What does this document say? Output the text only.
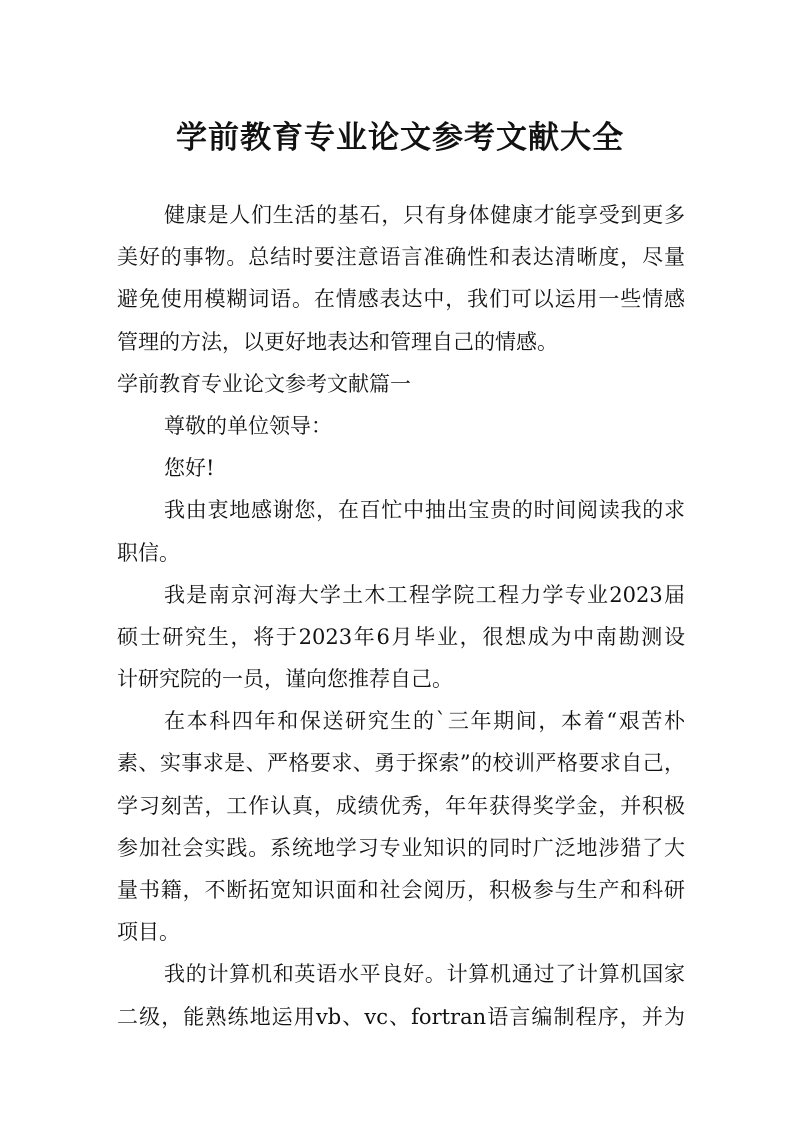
学前教育专业论文参考文献大全
健康是人们生活的基石，只有身体健康才能享受到更多
美好的事物。总结时要注意语言准确性和表达清晰度，尽量
避免使用模糊词语。在情感表达中，我们可以运用一些情感
管理的方法，以更好地表达和管理自己的情感。
学前教育专业论文参考文献篇一
尊敬的单位领导：
您好!
我由衷地感谢您，在百忙中抽出宝贵的时间阅读我的求
职信。
我是南京河海大学土木工程学院工程力学专业2023届
硕士研究生，将于2023年6月毕业，很想成为中南勘测设
计研究院的一员，谨向您推荐自己。
在本科四年和保送研究生的`三年期间，本着“艰苦朴
素、实事求是、严格要求、勇于探索”的校训严格要求自己，
学习刻苦，工作认真，成绩优秀，年年获得奖学金，并积极
参加社会实践。系统地学习专业知识的同时广泛地涉猎了大
量书籍，不断拓宽知识面和社会阅历，积极参与生产和科研
项目。
我的计算机和英语水平良好。计算机通过了计算机国家
二级，能熟练地运用vb、vc、fortran语言编制程序，并为
